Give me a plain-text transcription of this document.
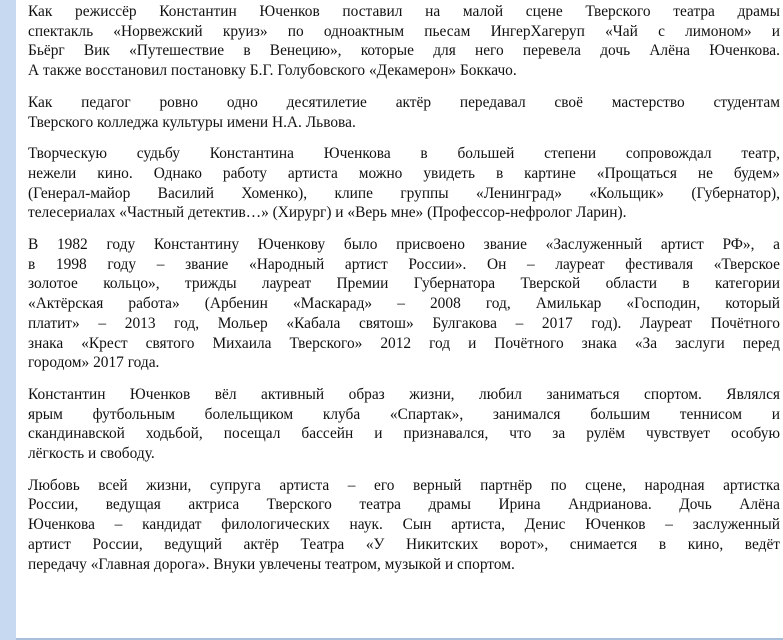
Как режиссёр Константин Юченков поставил на малой сцене Тверского театра драмы
спектакль «Норвежский круиз» по одноактным пьесам ИнгерХагеруп «Чай с лимоном» и
Бьёрг Вик «Путешествие в Венецию», которые для него перевела дочь Алёна Юченкова.
А также восстановил постановку Б.Г. Голубовского «Декамерон» Боккачо.
Как педагог ровно одно десятилетие актёр передавал своё мастерство студентам
Тверского колледжа культуры имени Н.А. Львова.
Творческую судьбу Константина Юченкова в большей степени сопровождал театр,
нежели кино. Однако работу артиста можно увидеть в картине «Прощаться не будем»
(Генерал-майор Василий Хоменко), клипе группы «Ленинград» «Кольщик» (Губернатор),
телесериалах «Частный детектив…» (Хирург) и «Верь мне» (Профессор-нефролог Ларин).
В 1982 году Константину Юченкову было присвоено звание «Заслуженный артист РФ», а
в 1998 году – звание «Народный артист России». Он – лауреат фестиваля «Тверское
золотое кольцо», трижды лауреат Премии Губернатора Тверской области в категории
«Актёрская работа» (Арбенин «Маскарад» – 2008 год, Амилькар «Господин, который
платит» – 2013 год, Мольер «Кабала святош» Булгакова – 2017 год). Лауреат Почётного
знака «Крест святого Михаила Тверского» 2012 год и Почётного знака «За заслуги перед
городом» 2017 года.
Константин Юченков вёл активный образ жизни, любил заниматься спортом. Являлся
ярым футбольным болельщиком клуба «Спартак», занимался большим теннисом и
скандинавской ходьбой, посещал бассейн и признавался, что за рулём чувствует особую
лёгкость и свободу.
Любовь всей жизни, супруга артиста – его верный партнёр по сцене, народная артистка
России, ведущая актриса Тверского театра драмы Ирина Андрианова. Дочь Алёна
Юченкова – кандидат филологических наук. Сын артиста, Денис Юченков – заслуженный
артист России, ведущий актёр Театра «У Никитских ворот», снимается в кино, ведёт
передачу «Главная дорога». Внуки увлечены театром, музыкой и спортом.
